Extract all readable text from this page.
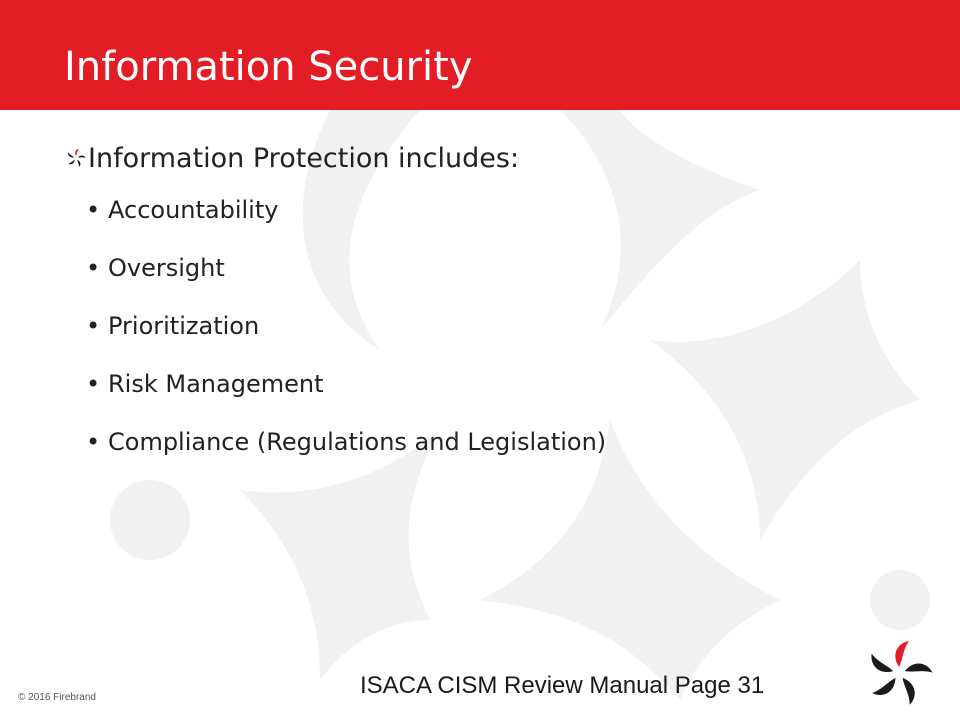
Information Security
Information Protection includes:
• Accountability
• Oversight
• Prioritization
• Risk Management
• Compliance (Regulations and Legislation)
ISACA CISM Review Manual Page 31
© 2016 Firebrand
